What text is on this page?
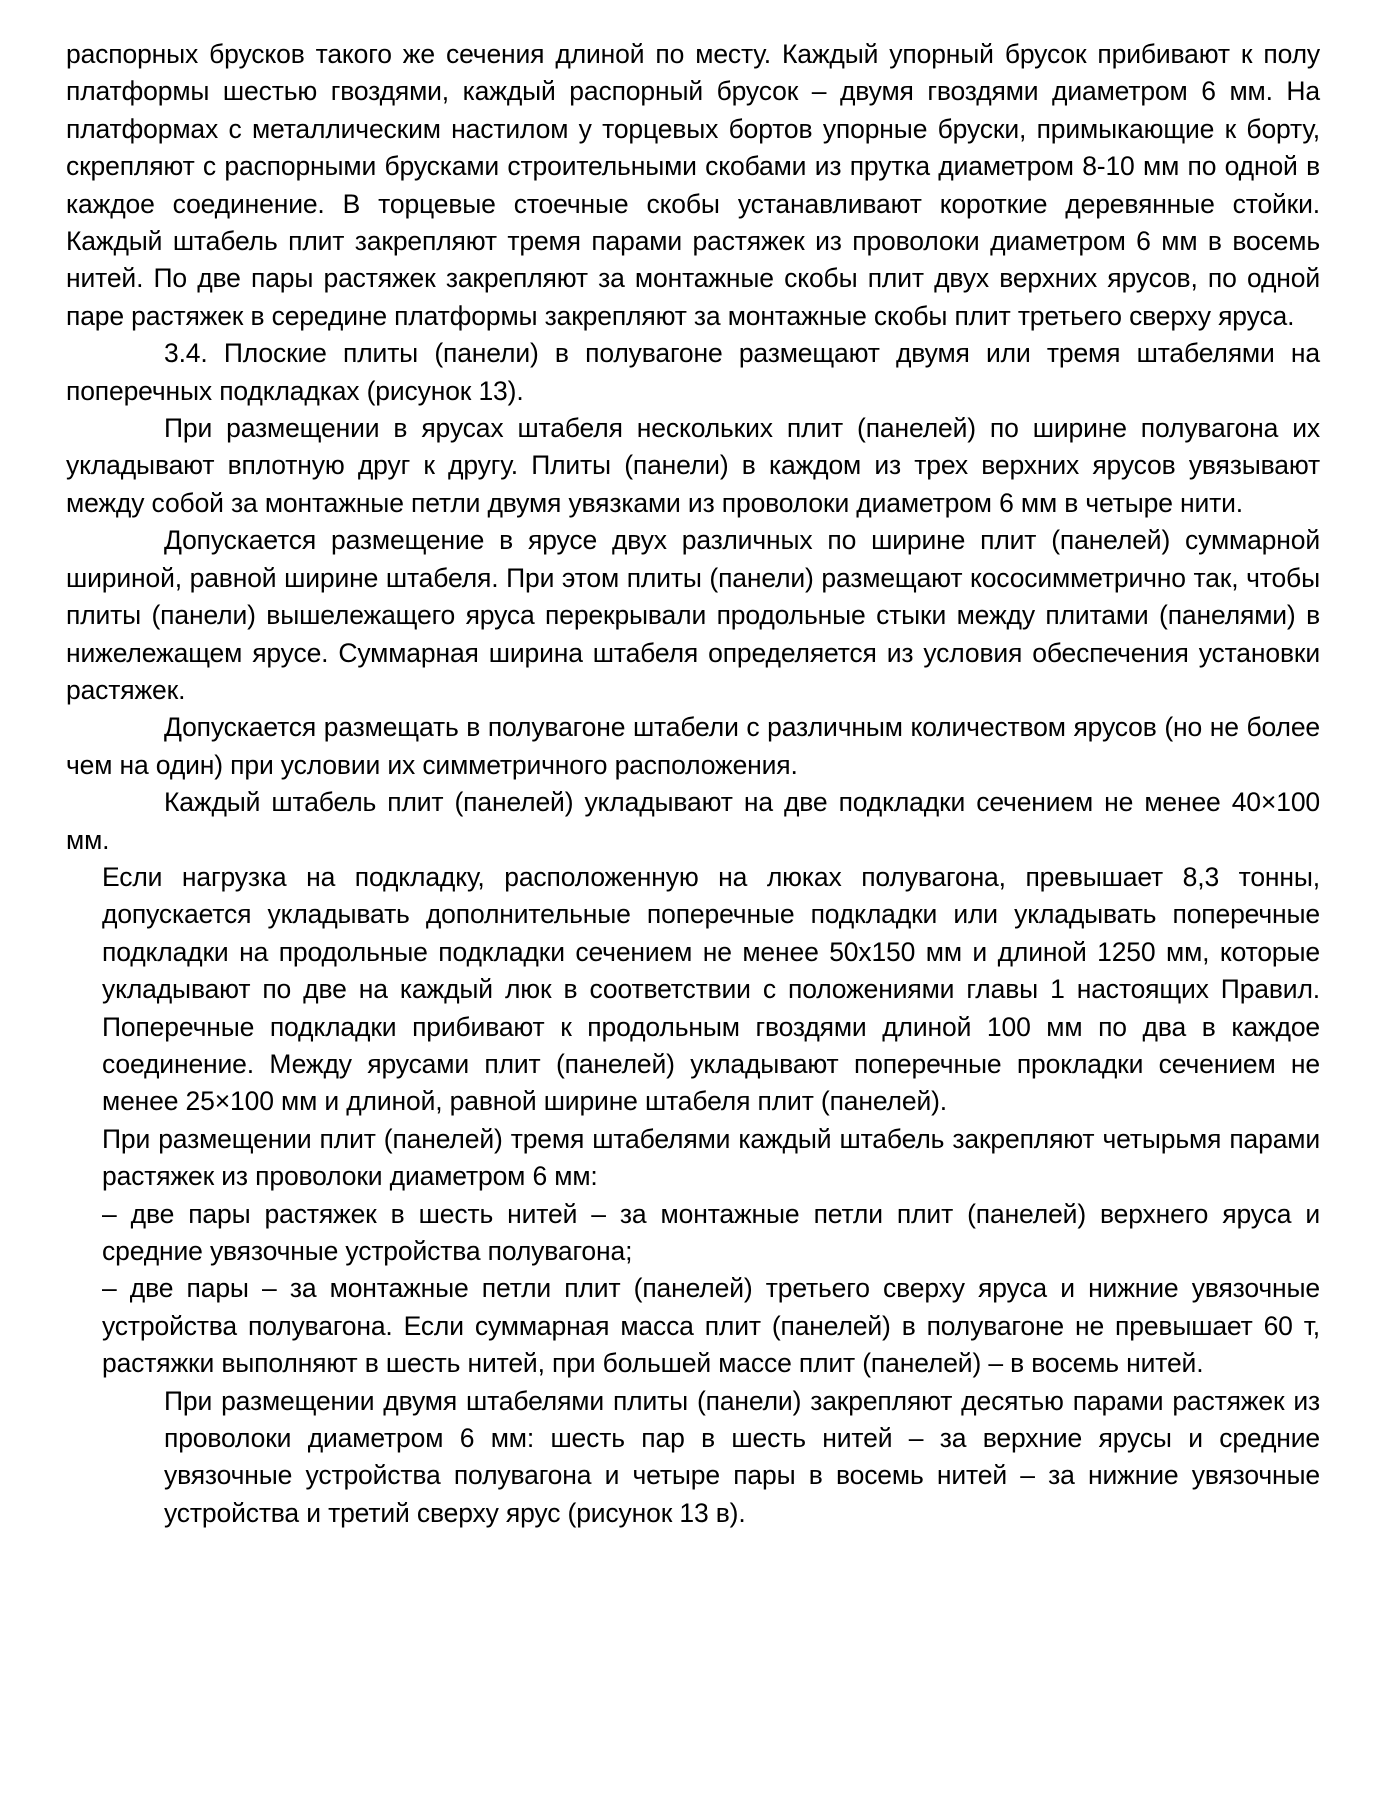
распорных брусков такого же сечения длиной по месту. Каждый упорный брусок прибивают к полу платформы шестью гвоздями, каждый распорный брусок – двумя гвоздями диаметром 6 мм. На платформах с металлическим настилом у торцевых бортов упорные бруски, примыкающие к борту, скрепляют с распорными брусками строительными скобами из прутка диаметром 8-10 мм по одной в каждое соединение. В торцевые стоечные скобы устанавливают короткие деревянные стойки. Каждый штабель плит закрепляют тремя парами растяжек из проволоки диаметром 6 мм в восемь нитей. По две пары растяжек закрепляют за монтажные скобы плит двух верхних ярусов, по одной паре растяжек в середине платформы закрепляют за монтажные скобы плит третьего сверху яруса.

3.4. Плоские плиты (панели) в полувагоне размещают двумя или тремя штабелями на поперечных подкладках (рисунок 13).

При размещении в ярусах штабеля нескольких плит (панелей) по ширине полувагона их укладывают вплотную друг к другу. Плиты (панели) в каждом из трех верхних ярусов увязывают между собой за монтажные петли двумя увязками из проволоки диаметром 6 мм в четыре нити.

Допускается размещение в ярусе двух различных по ширине плит (панелей) суммарной шириной, равной ширине штабеля. При этом плиты (панели) размещают кососимметрично так, чтобы плиты (панели) вышележащего яруса перекрывали продольные стыки между плитами (панелями) в нижележащем ярусе. Суммарная ширина штабеля определяется из условия обеспечения установки растяжек.

Допускается размещать в полувагоне штабели с различным количеством ярусов (но не более чем на один) при условии их симметричного расположения.

Каждый штабель плит (панелей) укладывают на две подкладки сечением не менее 40×100 мм.

Если нагрузка на подкладку, расположенную на люках полувагона, превышает 8,3 тонны, допускается укладывать дополнительные поперечные подкладки или укладывать поперечные подкладки на продольные подкладки сечением не менее 50х150 мм и длиной 1250 мм, которые укладывают по две на каждый люк в соответствии с положениями главы 1 настоящих Правил. Поперечные подкладки прибивают к продольным гвоздями длиной 100 мм по два в каждое соединение. Между ярусами плит (панелей) укладывают поперечные прокладки сечением не менее 25×100 мм и длиной, равной ширине штабеля плит (панелей).

При размещении плит (панелей) тремя штабелями каждый штабель закрепляют четырьмя парами растяжек из проволоки диаметром 6 мм:

– две пары растяжек в шесть нитей – за монтажные петли плит (панелей) верхнего яруса и средние увязочные устройства полувагона;

– две пары – за монтажные петли плит (панелей) третьего сверху яруса и нижние увязочные устройства полувагона. Если суммарная масса плит (панелей) в полувагоне не превышает 60 т, растяжки выполняют в шесть нитей, при большей массе плит (панелей) – в восемь нитей.

При размещении двумя штабелями плиты (панели) закрепляют десятью парами растяжек из проволоки диаметром 6 мм: шесть пар в шесть нитей – за верхние ярусы и средние увязочные устройства полувагона и четыре пары в восемь нитей – за нижние увязочные устройства и третий сверху ярус (рисунок 13 в).
